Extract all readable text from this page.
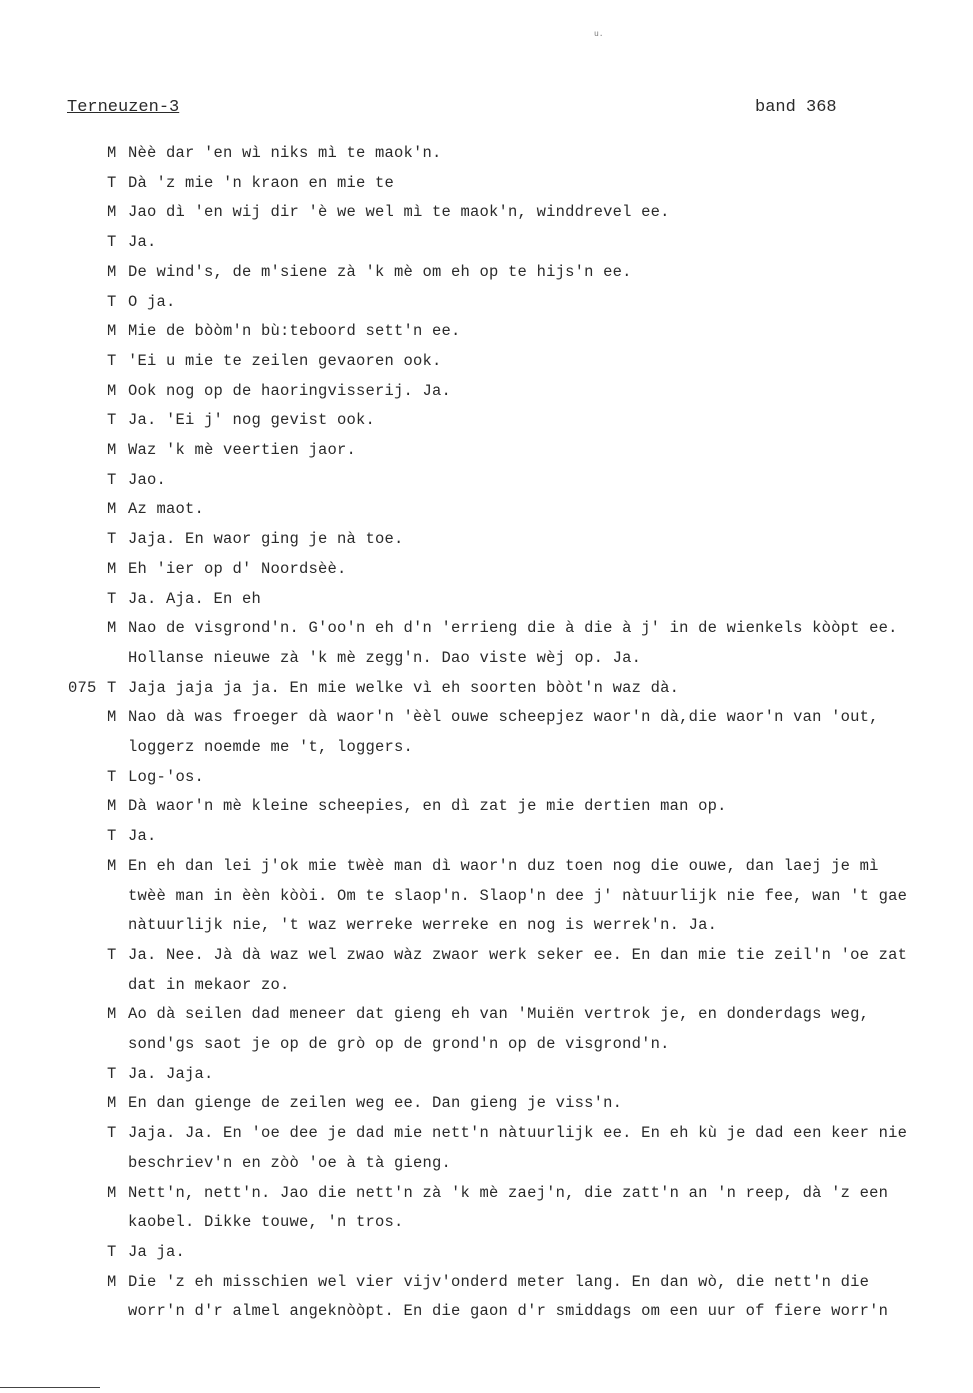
u.
Terneuzen-3	band 368
M Nèè dar 'en wì niks mì te maok'n.
T Dà 'z mie 'n kraon en mie te
M Jao dì 'en wij dir 'è we wel mì te maok'n, winddrevel ee.
T Ja.
M De wind's, de m'siene zà 'k mè om eh op te hijs'n ee.
T O ja.
M Mie de bòòm'n bù:teboord sett'n ee.
T 'Ei u mie te zeilen gevaoren ook.
M Ook nog op de haoringvisserij. Ja.
T Ja. 'Ei j' nog gevist ook.
M Waz 'k mè veertien jaor.
T Jao.
M Az maot.
T Jaja. En waor ging je nà toe.
M Eh 'ier op d' Noordsèè.
T Ja. Aja. En eh
M Nao de visgrond'n. G'oo'n eh d'n 'errieng die à die à j' in de wienkels kòòpt ee.
Hollanse nieuwe zà 'k mè zegg'n. Dao viste wèj op. Ja.
075 T Jaja jaja ja ja. En mie welke vì eh soorten bòòt'n waz dà.
M Nao dà was froeger dà waor'n 'èèl ouwe scheepjez waor'n dà,die waor'n van 'out,
loggerz noemde me 't, loggers.
T Log-'os.
M Dà waor'n mè kleine scheepies, en dì zat je mie dertien man op.
T Ja.
M En eh dan lei j'ok mie twèè man dì waor'n duz toen nog die ouwe, dan laej je mì
twèè man in èèn kòòi. Om te slaop'n. Slaop'n dee j' nàtuurlijk nie fee, wan 't gae
nàtuurlijk nie, 't waz werreke werreke en nog is werrek'n. Ja.
T Ja. Nee. Jà dà waz wel zwao wàz zwaor werk seker ee. En dan mie tie zeil'n 'oe zat
dat in mekaor zo.
M Ao dà seilen dad meneer dat gieng eh van 'Muiën vertrok je, en donderdags weg,
sond'gs saot je op de grò op de grond'n op de visgrond'n.
T Ja. Jaja.
M En dan gienge de zeilen weg ee. Dan gieng je viss'n.
T Jaja. Ja. En 'oe dee je dad mie nett'n nàtuurlijk ee. En eh kù je dad een keer nie
beschriev'n en zòò 'oe à tà gieng.
M Nett'n, nett'n. Jao die nett'n zà 'k mè zaej'n, die zatt'n an 'n reep, dà 'z een
kaobel. Dikke touwe, 'n tros.
T Ja ja.
M Die 'z eh misschien wel vier vijv'onderd meter lang. En dan wò, die nett'n die
worr'n d'r almel angeknòòpt. En die gaon d'r smiddags om een uur of fiere worr'n
